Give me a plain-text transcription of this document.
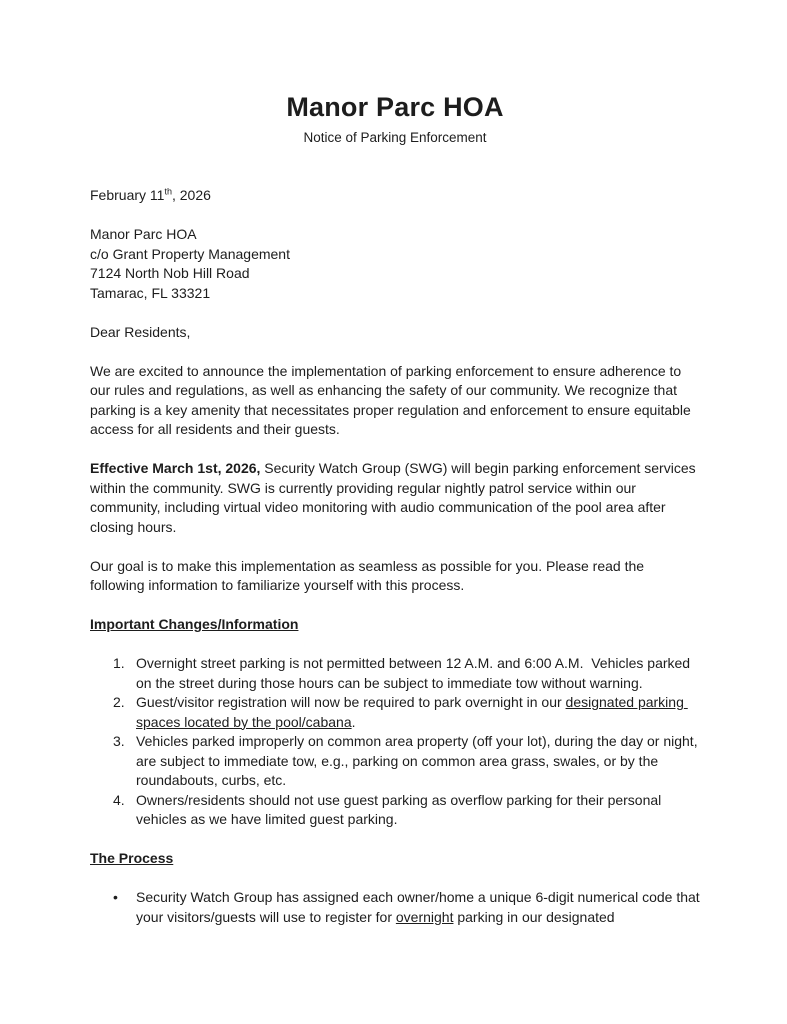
Manor Parc HOA
Notice of Parking Enforcement
February 11th, 2026
Manor Parc HOA
c/o Grant Property Management
7124 North Nob Hill Road
Tamarac, FL 33321
Dear Residents,
We are excited to announce the implementation of parking enforcement to ensure adherence to our rules and regulations, as well as enhancing the safety of our community. We recognize that parking is a key amenity that necessitates proper regulation and enforcement to ensure equitable access for all residents and their guests.
Effective March 1st, 2026, Security Watch Group (SWG) will begin parking enforcement services within the community. SWG is currently providing regular nightly patrol service within our community, including virtual video monitoring with audio communication of the pool area after closing hours.
Our goal is to make this implementation as seamless as possible for you. Please read the following information to familiarize yourself with this process.
Important Changes/Information
1. Overnight street parking is not permitted between 12 A.M. and 6:00 A.M.  Vehicles parked on the street during those hours can be subject to immediate tow without warning.
2. Guest/visitor registration will now be required to park overnight in our designated parking spaces located by the pool/cabana.
3. Vehicles parked improperly on common area property (off your lot), during the day or night, are subject to immediate tow, e.g., parking on common area grass, swales, or by the roundabouts, curbs, etc.
4. Owners/residents should not use guest parking as overflow parking for their personal vehicles as we have limited guest parking.
The Process
•	Security Watch Group has assigned each owner/home a unique 6-digit numerical code that your visitors/guests will use to register for overnight parking in our designated
